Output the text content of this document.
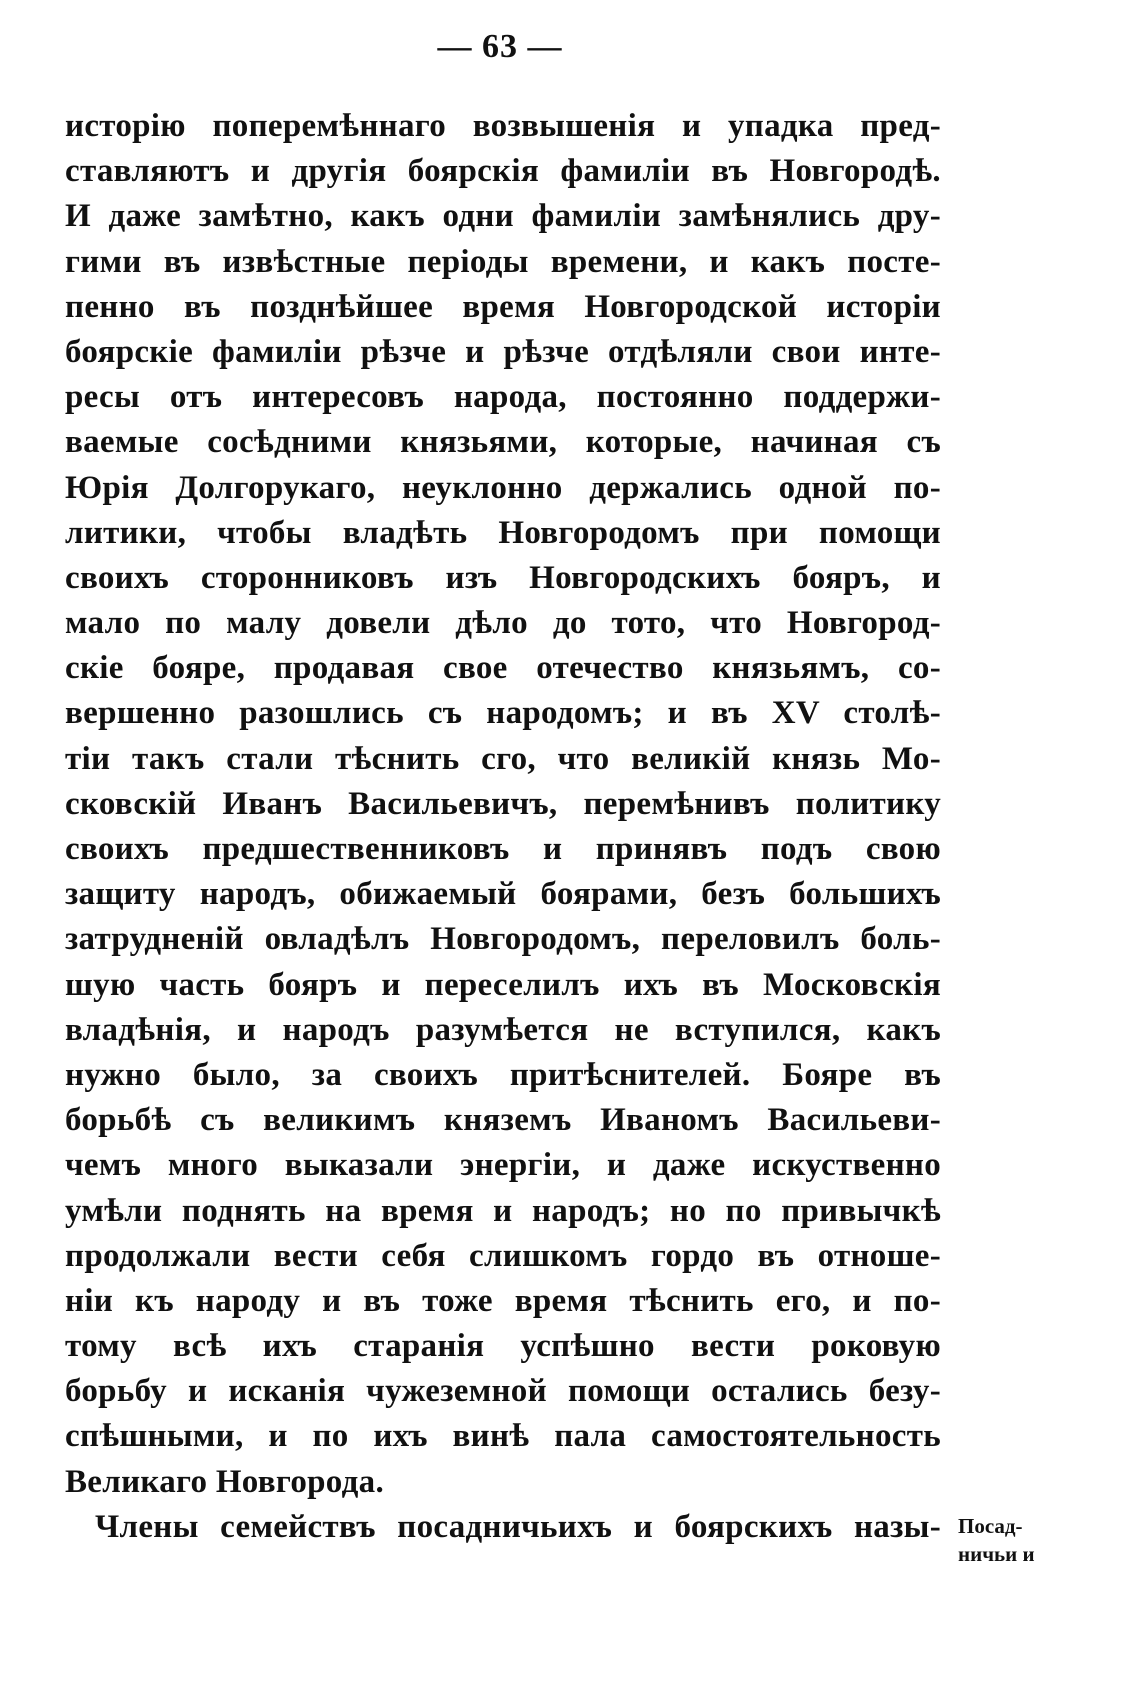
— 63 —
исторію поперемѣннаго возвышенія и упадка пред-
ставляютъ и другія боярскія фамиліи въ Новгородѣ.
И даже замѣтно, какъ одни фамиліи замѣнялись дру-
гими въ извѣстные періоды времени, и какъ посте-
пенно въ позднѣйшее время Новгородской исторіи
боярскіе фамиліи рѣзче и рѣзче отдѣляли свои инте-
ресы отъ интересовъ народа, постоянно поддержи-
ваемые сосѣдними князьями, которые, начиная съ
Юрія Долгорукаго, неуклонно держались одной по-
литики, чтобы владѣть Новгородомъ при помощи
своихъ сторонниковъ изъ Новгородскихъ бояръ, и
мало по малу довели дѣло до тото, что Новгород-
скіе бояре, продавая свое отечество князьямъ, со-
вершенно разошлись съ народомъ; и въ XV столѣ-
тіи такъ стали тѣснить сго, что великій князь Мо-
сковскій Иванъ Васильевичъ, перемѣнивъ политику
своихъ предшественниковъ и принявъ подъ свою
защиту народъ, обижаемый боярами, безъ большихъ
затрудненій овладѣлъ Новгородомъ, переловилъ боль-
шую часть бояръ и переселилъ ихъ въ Московскія
владѣнія, и народъ разумѣется не вступился, какъ
нужно было, за своихъ притѣснителей. Бояре въ
борьбѣ съ великимъ князeмъ Иваномъ Васильеви-
чемъ много выказали энергіи, и даже искуственно
умѣли поднять на время и народъ; но по привычкѣ
продолжали вести себя слишкомъ гордо въ отноше-
ніи къ народу и въ тоже время тѣснить его, и по-
тому всѣ ихъ старанія успѣшно вести роковую
борьбу и исканія чужеземной помощи остались безу-
спѣшными, и по ихъ винѣ пала самостоятельность
Великаго Новгорода.
Члены семействъ посадничьихъ и боярскихъ назы- Посад-
ничьи и
